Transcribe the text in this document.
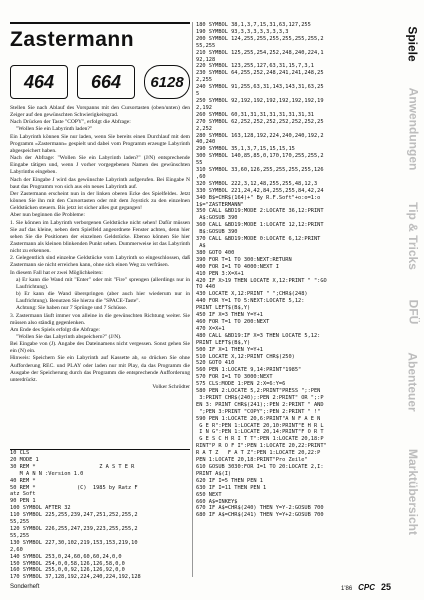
Zastermann
464	664	6128

Stellen Sie nach Ablauf des Vorspanns mit den Cursortasten (oben/unten) den Zeiger auf den gewünschten Schwierigkeitsgrad.

Nach Drücken der Taste "COPY", erfolgt die Abfrage:

"Wollen Sie ein Labyrinth laden?"

Ein Labyrinth können Sie nur laden, wenn Sie bereits einen Durchlauf mit dem Programm »Zastermann« gespielt und dabei vom Programm erzeugte Labyrinth abgespeichert haben.

Nach der Abfrage: "Wollen Sie ein Labyrinth laden?" (J/N) entsprechende Eingabe tätigen und, wenn J vorher vorgegebenen Namen des gewünschten Labyrinths eingeben.

Nach der Eingabe J wird das gewünschte Labyrinth aufgerufen. Bei Eingabe N baut das Programm von sich aus ein neues Labyrinth auf.

Der Zastermann erscheint nun in der linken oberen Ecke des Spielfeldes. Jetzt können Sie ihn mit den Cursortasten oder mit dem Joystick zu den einzelnen Geldstücken steuern. Bis jetzt ist sicher alles gut gegangen!

Aber nun beginnen die Probleme:

1. Sie können im Labyrinth verborgenen Geldstücke nicht sehen! Dafür müssen Sie auf das kleine, neben dem Spielfeld angeordnete Fenster achten, denn hier sehen Sie die Positionen der einzelnen Geldstücke. Ebenso können Sie hier Zastermann als kleinen blinkenden Punkt sehen. Dummerweise ist das Labyrinth nicht zu erkennen.

2. Gelegentlich sind einzelne Geldstücke vom Labyrinth so eingeschlossen, daß Zastermann sie nicht erreichen kann, ohne sich einen Weg zu verfräsen.

In diesem Fall hat er zwei Möglichkeiten:

a) Er kann die Wand mit "Enter" oder mit "Fire" sprengen (allerdings nur in Laufrichtung).

b) Er kann die Wand überspringen (aber auch hier wiederum nur in Laufrichtung). Benutzen Sie hierzu die "SPACE-Taste".

Achtung: Sie haben nur 7 Sprünge und 7 Schüsse.

3. Zastermann läuft immer von alleine in die gewünschten Richtung weiter. Sie müssen also ständig gegenlenken.

Am Ende des Spiels erfolgt die Abfrage:

"Wollen Sie das Labyrinth abspeichern?" (J/N).

Bei Eingabe von (J). Angabe des Dateinamens nicht vergessen. Sonst gehen Sie ein (N) ein.

Hinweis: Speichern Sie ein Labyrinth auf Kassette ab, so drücken Sie ohne Aufforderung REC. und PLAY oder laden nur mit Play, da das Programm die Ausgabe der Speicherung durch das Programm die entsprechende Aufforderung unterdrückt.

Volker Schrödter

10 CLS
20 MODE 1
30 REM *                    Z A S T E R
M A N N :Version 1.0
40 REM *
50 REM *             (C)  1985 by Ratz F
atz Soft
90 PEN 1
100 SYMBOL AFTER 32
110 SYMBOL 225,255,239,247,251,252,255,2
55,255
120 SYMBOL 226,255,247,239,223,255,255,2
55,255
130 SYMBOL 227,30,102,219,153,153,219,10
2,60
140 SYMBOL 253,0,24,60,60,60,24,0,0
150 SYMBOL 254,0,0,58,126,126,58,0,0
160 SYMBOL 255,0,0,92,126,126,92,0,0
170 SYMBOL 37,128,192,224,240,224,192,128
180 SYMBOL 38,1,3,7,15,31,63,127,255
190 SYMBOL 93,3,3,3,3,3,3,3,3
200 SYMBOL 124,255,255,255,255,255,255,2
55,255
210 SYMBOL 125,255,254,252,248,240,224,1
92,128
220 SYMBOL 123,255,127,63,31,15,7,3,1
230 SYMBOL 64,255,252,248,241,241,248,25
2,255
240 SYMBOL 91,255,63,31,143,143,31,63,25
5
250 SYMBOL 92,192,192,192,192,192,192,19
2,192
260 SYMBOL 60,31,31,31,31,31,31,31,31
270 SYMBOL 62,252,252,252,252,252,252,25
2,252
280 SYMBOL 163,128,192,224,240,240,192,2
40,240
290 SYMBOL 35,1,3,7,15,15,15,15
300 SYMBOL 140,85,85,0,170,170,255,255,2
55
310 SYMBOL 33,60,126,255,255,255,255,126
,60
320 SYMBOL 222,3,12,48,255,255,48,12,3
330 SYMBOL 221,24,42,84,255,255,84,42,24
340 B$=CHR$(164)+" By R.F.Soft"+o:o=1:o
1$="ZASTERMANN"
350 CALL &BD19:MODE 2:LOCATE 36,12:PRINT
A$:GOSUB 390
360 CALL &BD19:MODE 1:LOCATE 12,12:PRINT
B$:GOSUB 390
370 CALL &BD19:MODE 0:LOCATE 6,12:PRINT
A$
380 GOTO 400
390 FOR T=1 TO 300:NEXT:RETURN
400 FOR I=1 TO 4000:NEXT I
410 PEN 3:X=X+1
420 IF X>19 THEN LOCATE X,12:PRINT " ":GO
TO 440
430 LOCATE X,12:PRINT " ";CHR$(248)
440 FOR Y=1 TO 5:NEXT:LOCATE 5,12:
PRINT LEFT$(B$,Y)
450 IF X=3 THEN Y=Y+1
460 FOR T=1 TO 200:NEXT
470 X=X+1
480 CALL &BD19:IF X=3 THEN LOCATE 5,12:
PRINT LEFT$(B$,Y)
500 IF X=1 THEN Y=Y+1
510 LOCATE X,12:PRINT CHR$(250)
520 GOTO 410
560 PEN 1:LOCATE 9,14:PRINT"1985"
570 FOR I=1 TO 3000:NEXT
575 CLS:MODE 1:PEN 2:X=6:Y=6
580 PEN 2:LOCATE 5,2:PRINT"PRESS ";:PEN
3:PRINT CHR$(240);:PEN 2:PRINT" OR ";:P
EN 3: PRINT CHR$(241);:PEN 2:PRINT " AND
";PEN 3:PRINT "COPY";:PEN 2:PRINT " !"
590 PEN 1:LOCATE 20,6:PRINT"A N F A E N
G E R":PEN 1:LOCATE 20,10:PRINT"E H R L
I N G":PEN 1:LOCATE 20,14:PRINT"F O R T
G E S C H R I T T":PEN 1:LOCATE 20,18:P
RINT"P R O F I":PEN 1:LOCATE 20,22:PRINT"
R A T Z   F A T Z":PEN 1:LOCATE 20,22:P
PEN 1:LOCATE 20,18:PRINT"Pro Zeile"
610 GOSUB 3030:FOR I=1 TO 20:LOCATE 2,I:
PRINT A$(I)
620 IF I=5 THEN PEN 1
630 IF I=11 THEN PEN 1
650 NEXT
660 A$=INKEY$
670 IF A$=CHR$(240) THEN Y=Y-2:GOSUB 700
680 IF A$=CHR$(241) THEN Y=Y+2:GOSUB 700
Spiele
Anwendungen
Tip & Tricks
DFÜ
Abenteuer
Marktübersicht
Sonderheft	1'86 CPC 25
